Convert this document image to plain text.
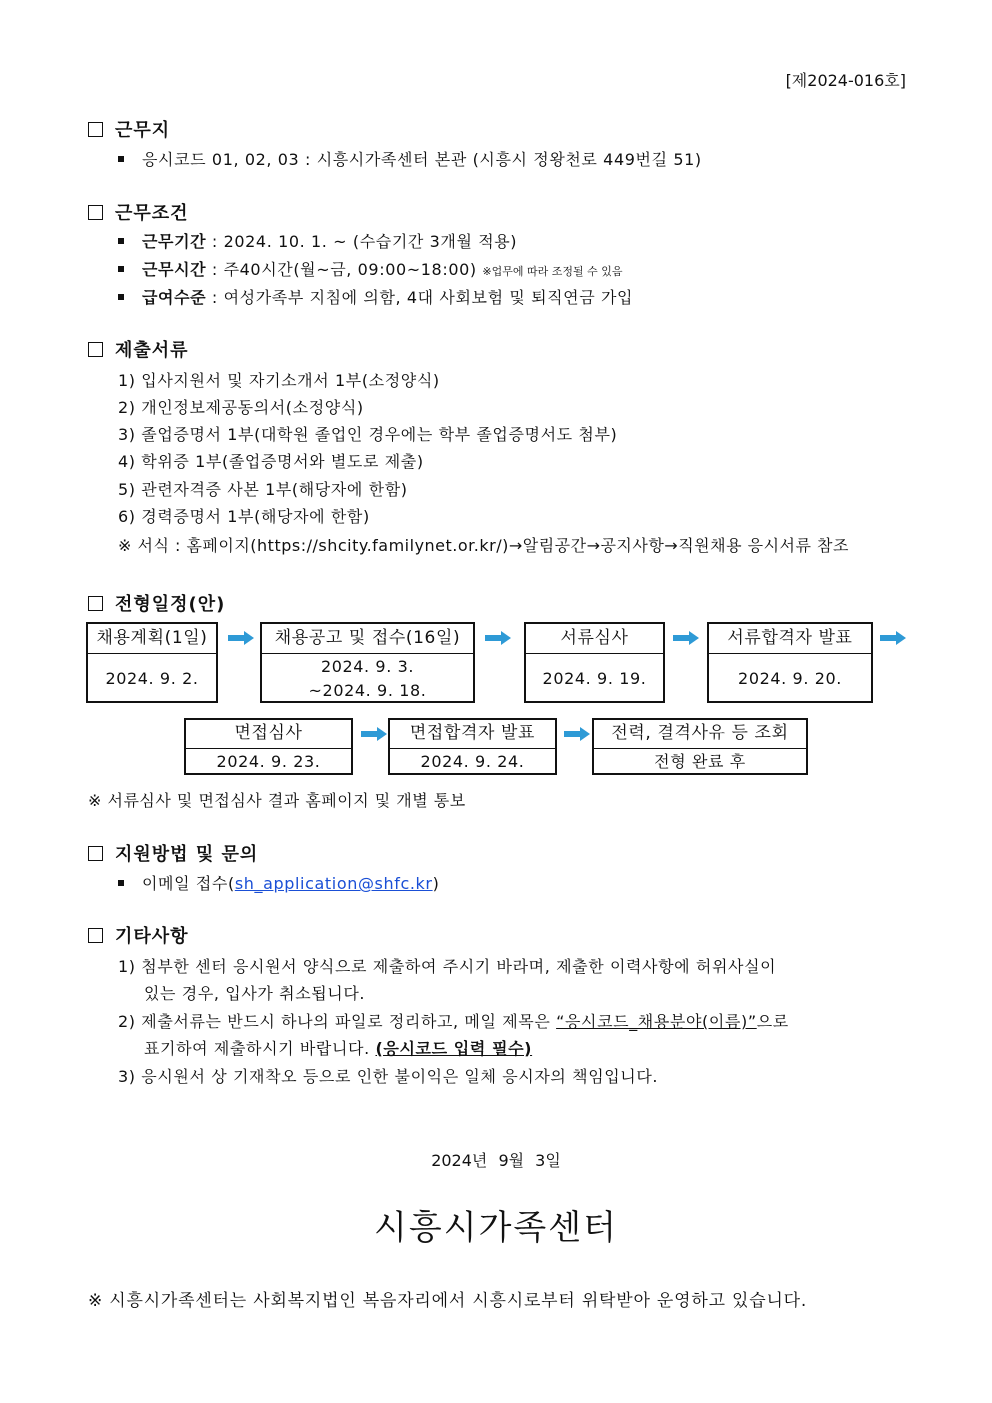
[제2024-016호]
근무지
응시코드 01, 02, 03 : 시흥시가족센터 본관 (시흥시 정왕천로 449번길 51)
근무조건
근무기간 : 2024. 10. 1. ~ (수습기간 3개월 적용)
근무시간 : 주40시간(월~금, 09:00~18:00) ※업무에 따라 조정될 수 있음
급여수준 : 여성가족부 지침에 의함, 4대 사회보험 및 퇴직연금 가입
제출서류
1) 입사지원서 및 자기소개서 1부(소정양식)
2) 개인정보제공동의서(소정양식)
3) 졸업증명서 1부(대학원 졸업인 경우에는 학부 졸업증명서도 첨부)
4) 학위증 1부(졸업증명서와 별도로 제출)
5) 관련자격증 사본 1부(해당자에 한함)
6) 경력증명서 1부(해당자에 한함)
※ 서식 : 홈페이지(https://shcity.familynet.or.kr/)→알림공간→공지사항→직원채용 응시서류 참조
전형일정(안)
채용계획(1일)
2024. 9. 2.
채용공고 및 접수(16일)
2024. 9. 3.
~2024. 9. 18.
서류심사
2024. 9. 19.
서류합격자 발표
2024. 9. 20.
면접심사
2024. 9. 23.
면접합격자 발표
2024. 9. 24.
전력, 결격사유 등 조회
전형 완료 후
※ 서류심사 및 면접심사 결과 홈페이지 및 개별 통보
지원방법 및 문의
이메일 접수(sh_application@shfc.kr)
기타사항
1) 첨부한 센터 응시원서 양식으로 제출하여 주시기 바라며, 제출한 이력사항에 허위사실이
있는 경우, 입사가 취소됩니다.
2) 제출서류는 반드시 하나의 파일로 정리하고, 메일 제목은 “응시코드_채용분야(이름)”으로
표기하여 제출하시기 바랍니다. (응시코드 입력 필수)
3) 응시원서 상 기재착오 등으로 인한 불이익은 일체 응시자의 책임입니다.
2024년 9월 3일
시흥시가족센터
※ 시흥시가족센터는 사회복지법인 복음자리에서 시흥시로부터 위탁받아 운영하고 있습니다.
